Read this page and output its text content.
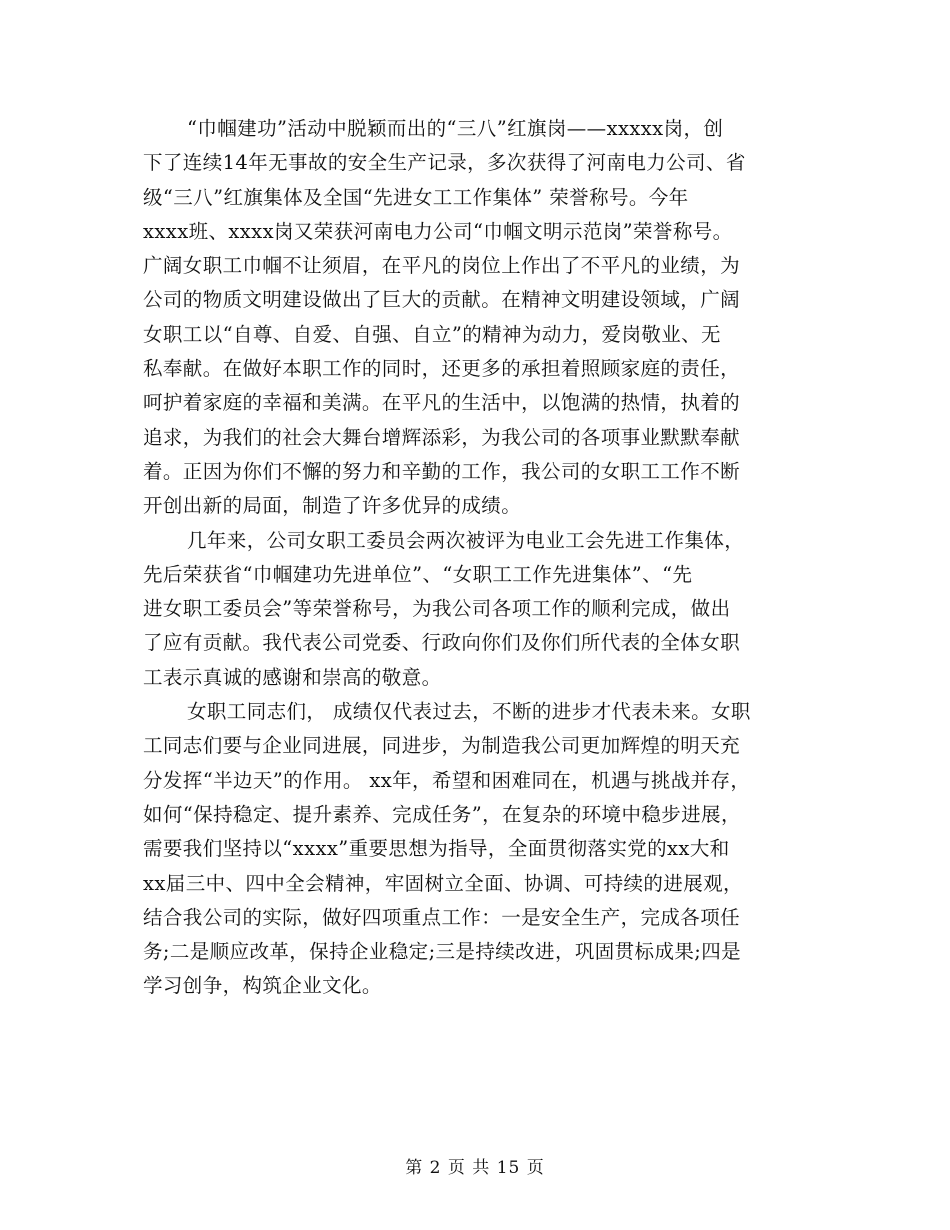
“巾帼建功”活动中脱颖而出的“三八”红旗岗——xxxxx岗，创
下了连续14年无事故的安全生产记录，多次获得了河南电力公司、省
级“三八”红旗集体及全国“先进女工工作集体” 荣誉称号。今年
xxxx班、xxxx岗又荣获河南电力公司“巾帼文明示范岗”荣誉称号。
广阔女职工巾帼不让须眉，在平凡的岗位上作出了不平凡的业绩，为
公司的物质文明建设做出了巨大的贡献。在精神文明建设领域，广阔
女职工以“自尊、自爱、自强、自立”的精神为动力，爱岗敬业、无
私奉献。在做好本职工作的同时，还更多的承担着照顾家庭的责任，
呵护着家庭的幸福和美满。在平凡的生活中，以饱满的热情，执着的
追求，为我们的社会大舞台增辉添彩，为我公司的各项事业默默奉献
着。正因为你们不懈的努力和辛勤的工作，我公司的女职工工作不断
开创出新的局面，制造了许多优异的成绩。
几年来，公司女职工委员会两次被评为电业工会先进工作集体，
先后荣获省“巾帼建功先进单位”、“女职工工作先进集体”、“先
进女职工委员会”等荣誉称号，为我公司各项工作的顺利完成，做出
了应有贡献。我代表公司党委、行政向你们及你们所代表的全体女职
工表示真诚的感谢和崇高的敬意。
女职工同志们， 成绩仅代表过去，不断的进步才代表未来。女职
工同志们要与企业同进展，同进步，为制造我公司更加辉煌的明天充
分发挥“半边天”的作用。 xx年，希望和困难同在，机遇与挑战并存，
如何“保持稳定、提升素养、完成任务”，在复杂的环境中稳步进展，
需要我们坚持以“xxxx”重要思想为指导，全面贯彻落实党的xx大和
xx届三中、四中全会精神，牢固树立全面、协调、可持续的进展观，
结合我公司的实际，做好四项重点工作：一是安全生产，完成各项任
务;二是顺应改革，保持企业稳定;三是持续改进，巩固贯标成果;四是
学习创争，构筑企业文化。
第 2 页 共 15 页
